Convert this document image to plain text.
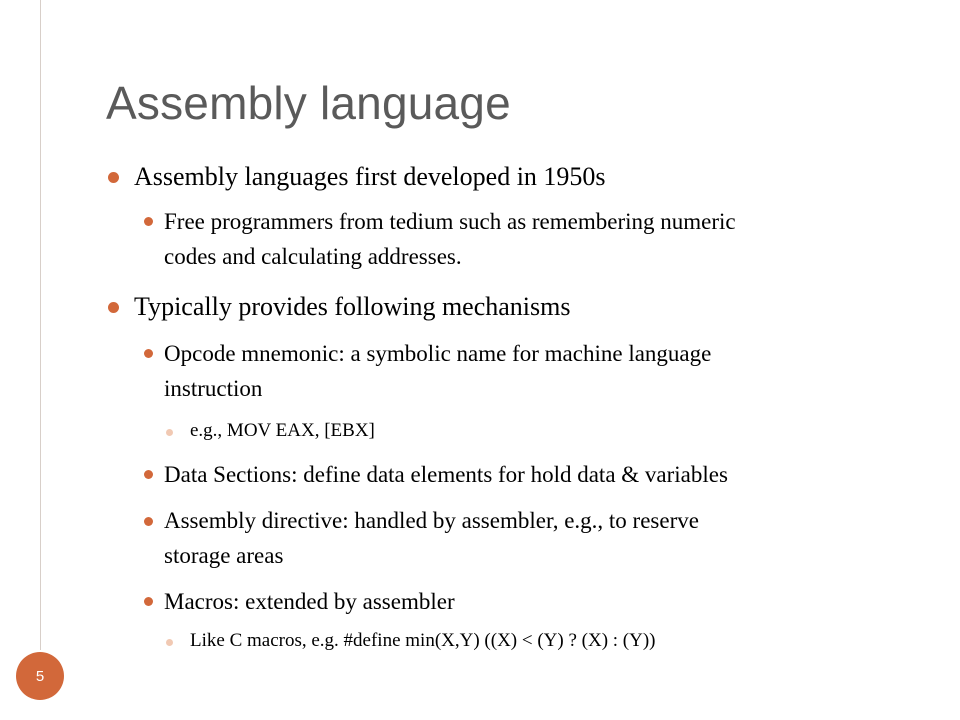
Assembly language
Assembly languages first developed in 1950s
Free programmers from tedium such as remembering numeric
codes and calculating addresses.
Typically provides following mechanisms
Opcode mnemonic: a symbolic name for machine language
instruction
e.g., MOV EAX, [EBX]
Data Sections: define data elements for hold data & variables
Assembly directive: handled by assembler, e.g., to reserve
storage areas
Macros: extended by assembler
Like C macros, e.g. #define min(X,Y) ((X) < (Y) ? (X) : (Y))
5
